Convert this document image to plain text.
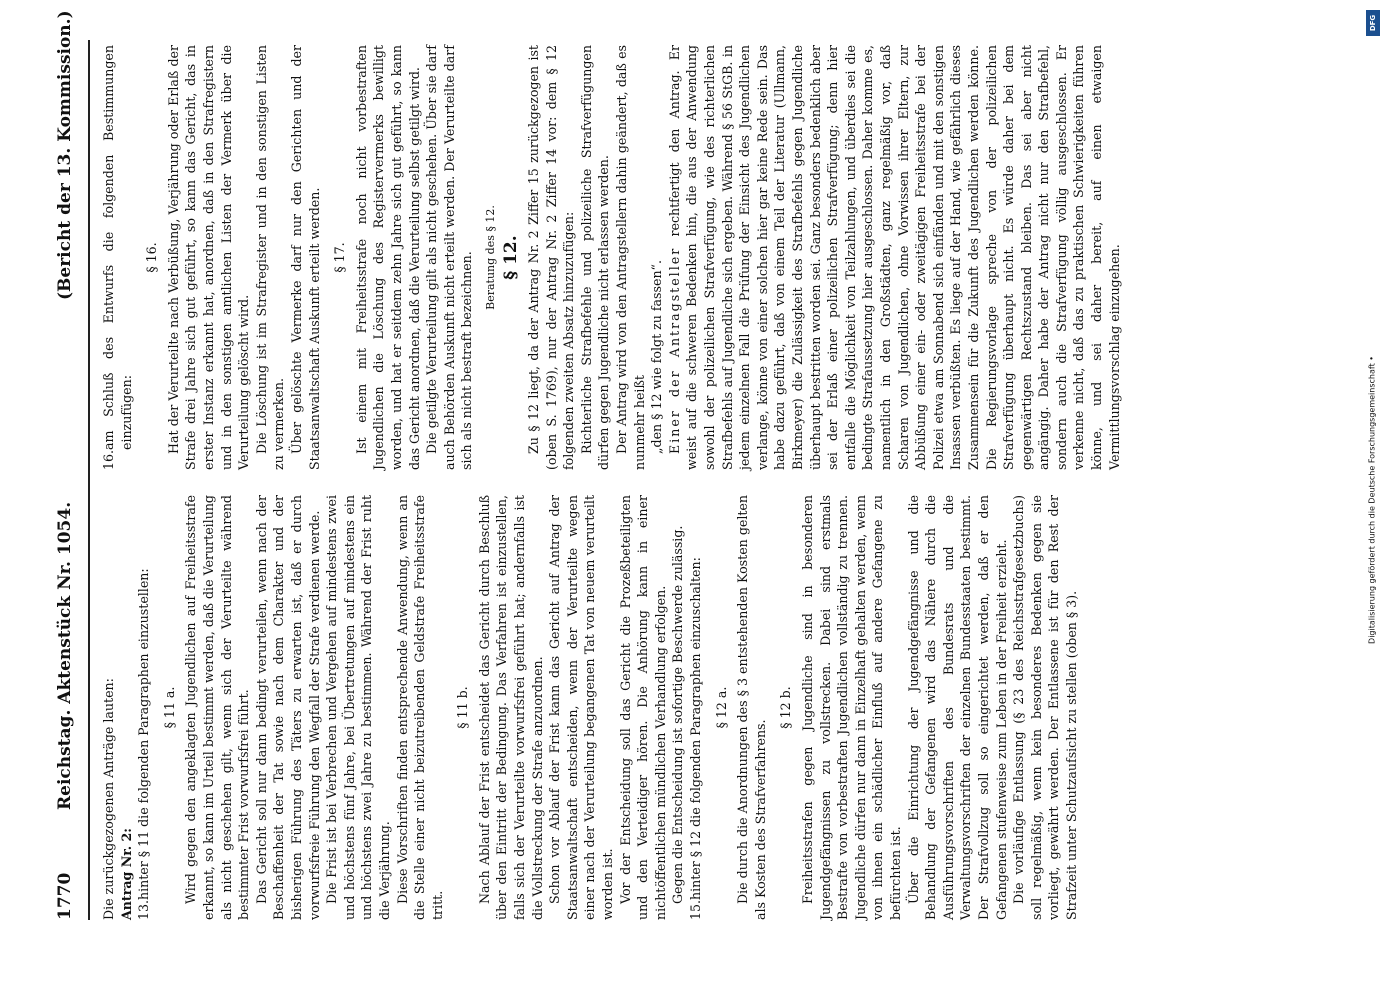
1770
Reichstag. Aktenstück Nr. 1054.
(Bericht der 13. Kommission.)

Die zurückgezogenen Anträge lauten: Antrag Nr. 2: 13.hinter § 11 die folgenden Paragraphen einzustellen: § 11 a. Wird gegen den angeklagten Jugendlichen auf Freiheitsstrafe erkannt, so kann im Urteil bestimmt werden, daß die Verurteilung als nicht geschehen gilt, wenn sich der Verurteilte während bestimmter Frist vorwurfsfrei führt. Das Gericht soll nur dann bedingt verurteilen, wenn nach der Beschaffenheit der Tat sowie nach dem Charakter und der bisherigen Führung des Täters zu erwarten ist, daß er durch vorwurfsfreie Führung den Wegfall der Strafe verdienen werde. Die Frist ist bei Verbrechen und Vergehen auf mindestens zwei und höchstens fünf Jahre, bei Übertretungen auf mindestens ein und höchstens zwei Jahre zu bestimmen. Während der Frist ruht die Verjährung. Diese Vorschriften finden entsprechende Anwendung, wenn an die Stelle einer nicht beizutreibenden Geldstrafe Freiheitsstrafe tritt.

§ 11 b. Nach Ablauf der Frist entscheidet das Gericht durch Beschluß über den Eintritt der Bedingung. Das Verfahren ist einzustellen, falls sich der Verurteilte vorwurfsfrei geführt hat; andernfalls ist die Vollstreckung der Strafe anzuordnen. Schon vor Ablauf der Frist kann das Gericht auf Antrag der Staatsanwaltschaft entscheiden, wenn der Verurteilte wegen einer nach der Verurteilung begangenen Tat von neuem verurteilt worden ist. Vor der Entscheidung soll das Gericht die Prozeßbeteiligten und den Verteidiger hören. Die Anhörung kann in einer nichtöffentlichen mündlichen Verhandlung erfolgen. Gegen die Entscheidung ist sofortige Beschwerde zulässig.

15.hinter § 12 die folgenden Paragraphen einzuschalten: § 12 a. Die durch die Anordnungen des § 3 entstehenden Kosten gelten als Kosten des Strafverfahrens.

§ 12 b. Freiheitsstrafen gegen Jugendliche sind in besonderen Jugendgefängnissen zu vollstrecken. Dabei sind erstmals Bestrafte von vorbestraften Jugendlichen vollständig zu trennen. Jugendliche dürfen nur dann in Einzelhaft gehalten werden, wenn von ihnen ein schädlicher Einfluß auf andere Gefangene zu befürchten ist. Über die Einrichtung der Jugendgefängnisse und die Behandlung der Gefangenen wird das Nähere durch die Ausführungsvorschriften des Bundesrats und die Verwaltungsvorschriften der einzelnen Bundesstaaten bestimmt. Der Strafvollzug soll so eingerichtet werden, daß er den Gefangenen stufenweise zum Leben in der Freiheit erzieht. Die vorläufige Entlassung (§ 23 des Reichsstrafgesetzbuchs) soll regelmäßig, wenn kein besonderes Bedenken gegen sie vorliegt, gewährt werden. Der Entlassene ist für den Rest der Strafzeit unter Schutzaufsicht zu stellen (oben § 3).

16.am Schluß des Entwurfs die folgenden Bestimmungen einzufügen:

§ 16. Hat der Verurteilte nach Verbüßung, Verjährung oder Erlaß der Strafe drei Jahre sich gut geführt, so kann das Gericht, das in erster Instanz erkannt hat, anordnen, daß in den Strafregistern und in den sonstigen amtlichen Listen der Vermerk über die Verurteilung gelöscht wird. Die Löschung ist im Strafregister und in den sonstigen Listen zu vermerken. Über gelöschte Vermerke darf nur den Gerichten und der Staatsanwaltschaft Auskunft erteilt werden. § 17. Ist einem mit Freiheitsstrafe noch nicht vorbestraften Jugendlichen die Löschung des Registervermerks bewilligt worden, und hat er seitdem zehn Jahre sich gut geführt, so kann das Gericht anordnen, daß die Verurteilung selbst getilgt wird. Die getilgte Verurteilung gilt als nicht geschehen. Über sie darf auch Behörden Auskunft nicht erteilt werden. Der Verurteilte darf sich als nicht bestraft bezeichnen. Beratung des § 12. § 12. Zu § 12 liegt, da der Antrag Nr. 2 Ziffer 15 zurückgezogen ist (oben S. 1769), nur der Antrag Nr. 2 Ziffer 14 vor: dem § 12 folgenden zweiten Absatz hinzuzufügen: Richterliche Strafbefehle und polizeiliche Strafverfügungen dürfen gegen Jugendliche nicht erlassen werden. Der Antrag wird von den Antragstellern dahin geändert, daß es nunmehr heißt „den § 12 wie folgt zu fassen“. Einer der Antragsteller rechtfertigt den Antrag. Er weist auf die schweren Bedenken hin, die aus der Anwendung sowohl der polizeilichen Strafverfügung, wie des richterlichen Strafbefehls auf Jugendliche sich ergeben. Während § 56 StGB. in jedem einzelnen Fall die Prüfung der Einsicht des Jugendlichen verlange, könne von einer solchen hier gar keine Rede sein. Das habe dazu geführt, daß von einem Teil der Literatur (Ullmann, Birkmeyer) die Zulässigkeit des Strafbefehls gegen Jugendliche überhaupt bestritten worden sei. Ganz besonders bedenklich aber sei der Erlaß einer polizeilichen Strafverfügung; denn hier entfalle die Möglichkeit von Teilzahlungen, und überdies sei die bedingte Strafaussetzung hier ausgeschlossen. Daher komme es, namentlich in den Großstädten, ganz regelmäßig vor, daß Scharen von Jugendlichen, ohne Vorwissen ihrer Eltern, zur Abbüßung einer ein- oder zweitägigen Freiheitsstrafe bei der Polizei etwa am Sonnabend sich einfänden und mit den sonstigen Insassen verbüßten. Es liege auf der Hand, wie gefährlich dieses Zusammensein für die Zukunft des Jugendlichen werden könne. Die Regierungsvorlage spreche von der polizeilichen Strafverfügung überhaupt nicht. Es würde daher bei dem gegenwärtigen Rechtszustand bleiben. Das sei aber nicht angängig. Daher habe der Antrag nicht nur den Strafbefehl, sondern auch die Strafverfügung völlig ausgeschlossen. Er verkenne nicht, daß das zu praktischen Schwierigkeiten führen könne, und sei daher bereit, auf einen etwaigen Vermittlungsvorschlag einzugehen.	Digitalisierung gefördert durch die Deutsche Forschungsgemeinschaft •
DFG
